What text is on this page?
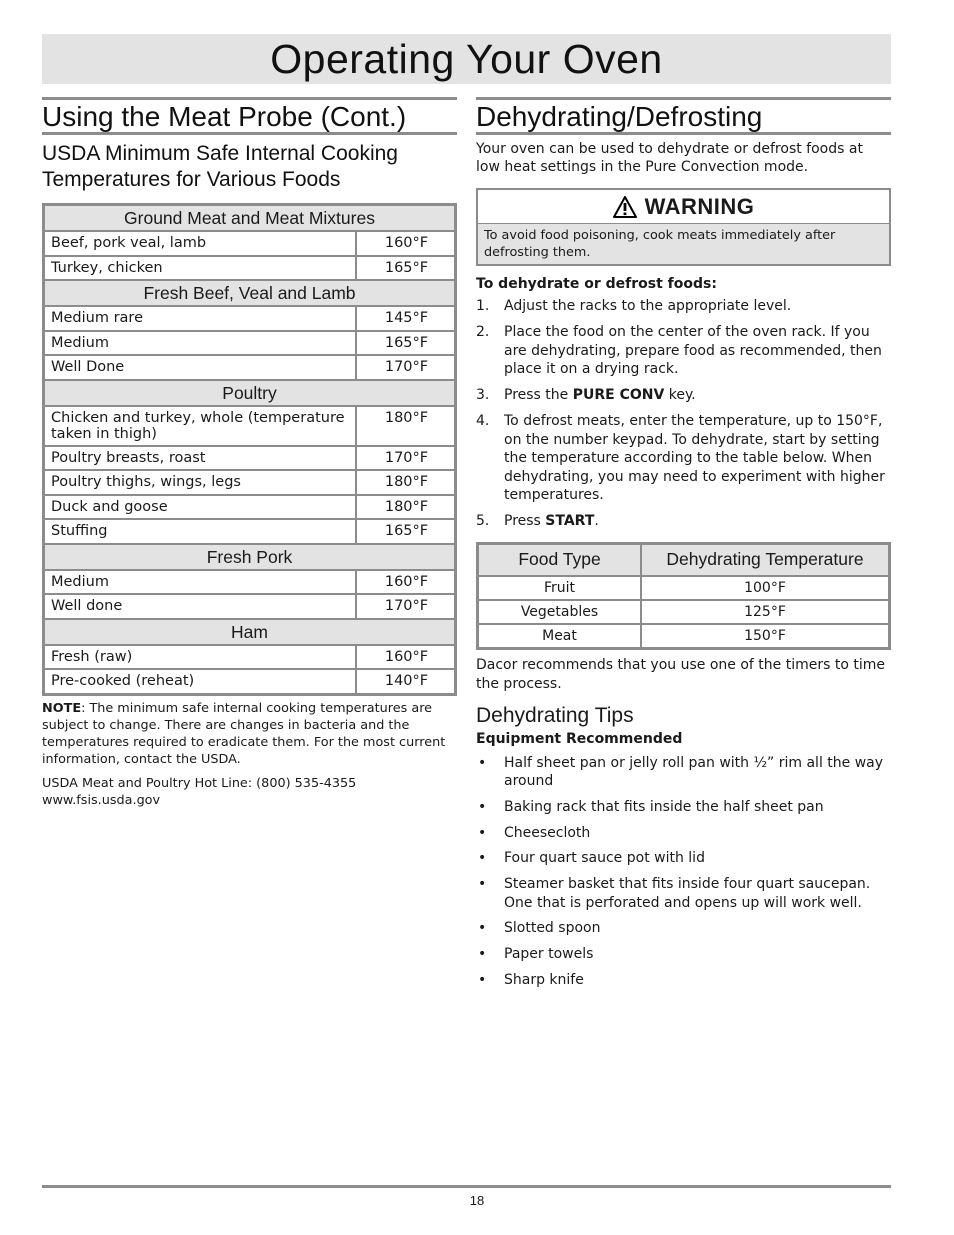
Operating Your Oven
Using the Meat Probe (Cont.)
USDA Minimum Safe Internal Cooking Temperatures for Various Foods
Ground Meat and Meat Mixtures	
Beef, pork veal, lamb	160°F
Turkey, chicken	165°F
Fresh Beef, Veal and Lamb	
Medium rare	145°F
Medium	165°F
Well Done	170°F
Poultry	
Chicken and turkey, whole (temperature taken in thigh)	180°F
Poultry breasts, roast	170°F
Poultry thighs, wings, legs	180°F
Duck and goose	180°F
Stuffing	165°F
Fresh Pork	
Medium	160°F
Well done	170°F
Ham	
Fresh (raw)	160°F
Pre-cooked (reheat)	140°F

NOTE: The minimum safe internal cooking temperatures are subject to change. There are changes in bacteria and the temperatures required to eradicate them. For the most current information, contact the USDA.

USDA Meat and Poultry Hot Line: (800) 535-4355
www.fsis.usda.gov

Dehydrating/Defrosting

Your oven can be used to dehydrate or defrost foods at low heat settings in the Pure Convection mode.

WARNING
To avoid food poisoning, cook meats immediately after defrosting them.
To dehydrate or defrost foods:
1. Adjust the racks to the appropriate level.
2. Place the food on the center of the oven rack. If you are dehydrating, prepare food as recommended, then place it on a drying rack.
3. Press the PURE CONV key.
4. To defrost meats, enter the temperature, up to 150°F, on the number keypad. To dehydrate, start by setting the temperature according to the table below. When dehydrating, you may need to experiment with higher temperatures.
5. Press START.
Food Type	Dehydrating Temperature
Fruit	100°F
Vegetables	125°F
Meat	150°F

Dacor recommends that you use one of the timers to time the process.

Dehydrating Tips
Equipment Recommended
• Half sheet pan or jelly roll pan with ½” rim all the way around
• Baking rack that fits inside the half sheet pan
• Cheesecloth
• Four quart sauce pot with lid
• Steamer basket that fits inside four quart saucepan. One that is perforated and opens up will work well.
• Slotted spoon
• Paper towels
• Sharp knife
18
